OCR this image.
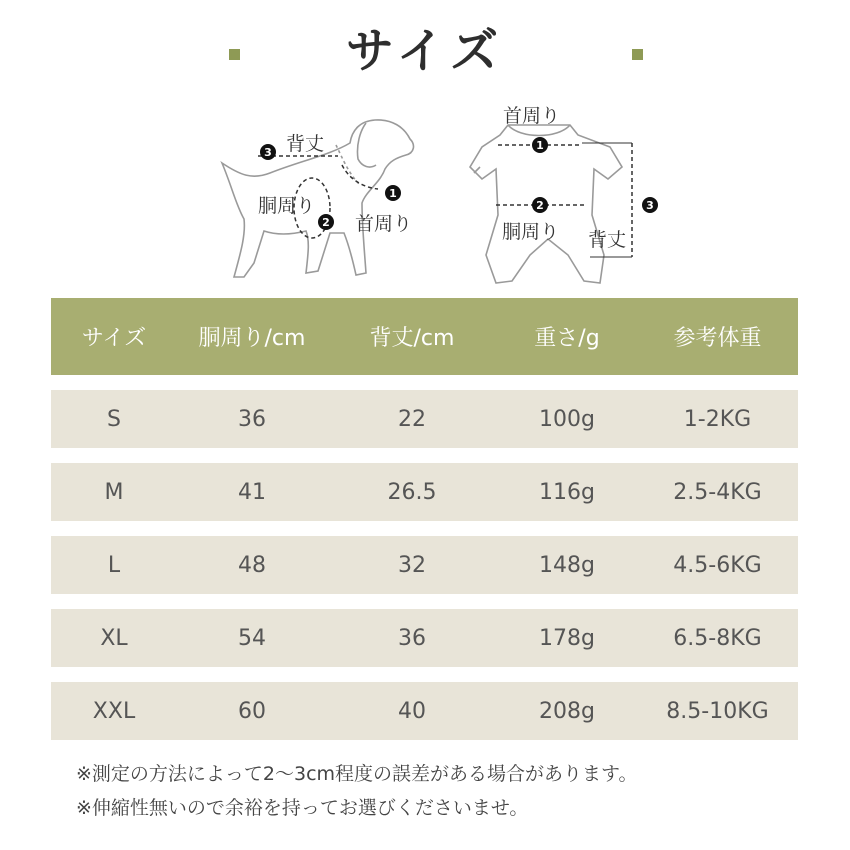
サイズ
3
2
1
1
2	3
背丈
胴周り
首周り
首周り
胴周り 背丈
サイズ	胴周り/cm	背丈/cm	重さ/g	参考体重
S	36	22	100g	1-2KG
M	41	26.5	116g	2.5-4KG
L	48	32	148g	4.5-6KG
XL	54	36	178g	6.5-8KG
XXL	60	40	208g	8.5-10KG
※測定の方法によって2〜3cm程度の誤差がある場合があります。
※伸縮性無いので余裕を持ってお選びくださいませ。
